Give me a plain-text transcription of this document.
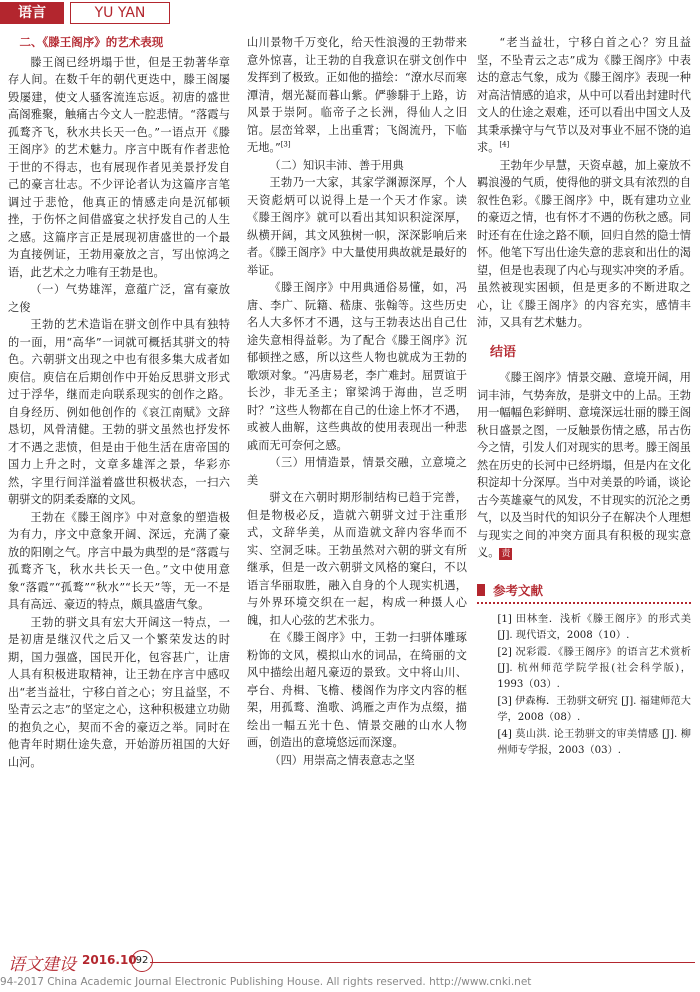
语言	YU YAN
二、《滕王阁序》的艺术表现

滕王阁已经坍塌于世，但是王勃著华章存人间。在数千年的朝代更迭中，滕王阁屡毁屡建，使文人骚客流连忘返。初唐的盛世高阁雅聚，触痛古今文人一腔悲情。“落霞与孤鹜齐飞，秋水共长天一色。”一语点开《滕王阁序》的艺术魅力。序言中既有作者悲怆于世的不得志，也有展现作者见美景抒发自己的豪言壮志。不少评论者认为这篇序言笔调过于悲怆，他真正的情感走向是沉郁顿挫，于伤怀之间借盛宴之状抒发自己的人生之感。这篇序言正是展现初唐盛世的一个最为直接例证，王勃用豪放之言，写出惊鸿之语，此艺术之力唯有王勃是也。

（一）气势雄浑，意蕴广泛，富有豪放之俊

王勃的艺术造诣在骈文创作中具有独特的一面，用“高华”一词就可概括其骈文的特色。六朝骈文出现之中也有很多集大成者如庾信。庾信在后期创作中开始反思骈文形式过于浮华，继而走向联系现实的创作之路。自身经历、例如他创作的《哀江南赋》文辞恳切，风骨清健。王勃的骈文虽然也抒发怀才不遇之悲愤，但是由于他生活在唐帝国的国力上升之时，文章多雄浑之景，华彩亦然，字里行间洋溢着盛世积极状态，一扫六朝骈文的阴柔委靡的文风。

王勃在《滕王阁序》中对意象的塑造极为有力，序文中意象开阔、深远，充满了豪放的阳刚之气。序言中最为典型的是“落霞与孤鹜齐飞，秋水共长天一色。”文中使用意象“落霞”“孤鹜”“秋水”“长天”等，无一不是具有高远、豪迈的特点，颇具盛唐气象。

王勃的骈文具有宏大开阔这一特点，一是初唐是继汉代之后又一个繁荣发达的时期，国力强盛，国民开化，包容甚广，让唐人具有积极进取精神，让王勃在序言中感叹出“老当益壮，宁移白首之心；穷且益坚，不坠青云之志”的坚定之心，这种积极建立功勋的抱负之心，契而不舍的豪迈之举。同时在他青年时期仕途失意，开始游历祖国的大好山河。

山川景物千万变化，给天性浪漫的王勃带来意外惊喜，让王勃的自我意识在骈文创作中发挥到了极致。正如他的描绘：“潦水尽而寒潭清，烟光凝而暮山紫。俨骖騑于上路，访风景于崇阿。临帝子之长洲，得仙人之旧馆。层峦耸翠，上出重霄；飞阁流丹，下临无地。”[3]

（二）知识丰沛、善于用典

王勃乃一大家，其家学渊源深厚，个人天资彪炳可以说得上是一个天才作家。读《滕王阁序》就可以看出其知识积淀深厚，纵横开阔，其文风独树一帜，深深影响后来者。《滕王阁序》中大量使用典故就是最好的举证。

《滕王阁序》中用典通俗易懂，如，冯唐、李广、阮籍、嵇康、张翰等。这些历史名人大多怀才不遇，这与王勃表达出自己仕途失意相得益彰。为了配合《滕王阁序》沉郁顿挫之感，所以这些人物也就成为王勃的歌颂对象。“冯唐易老，李广难封。屈贾谊于长沙，非无圣主；窜梁鸿于海曲，岂乏明时？”这些人物都在自己的仕途上怀才不遇，或被人曲解，这些典故的使用表现出一种悲戚而无可奈何之感。

（三）用情造景，情景交融，立意境之美

骈文在六朝时期形制结构已趋于完善，但是物极必反，造就六朝骈文过于注重形式，文辞华美，从而造就文辞内容华而不实、空洞乏味。王勃虽然对六朝的骈文有所继承，但是一改六朝骈文风格的窠臼，不以语言华丽取胜，融入自身的个人现实机遇，与外界环境交织在一起，构成一种摄人心魄，扣人心弦的艺术张力。

在《滕王阁序》中，王勃一扫骈体雕琢粉饰的文风，模拟山水的词品，在绮丽的文风中描绘出超凡豪迈的景致。文中将山川、亭台、舟楫、飞檐、楼阁作为序文内容的框架，用孤鹜、渔歌、鸿雁之声作为点缀，描绘出一幅五光十色、情景交融的山水人物画，创造出的意境悠远而深邃。

（四）用崇高之情表意志之坚

“老当益壮，宁移白首之心？穷且益坚，不坠青云之志”成为《滕王阁序》中表达的意志气象，成为《滕王阁序》表现一种对高洁情感的追求，从中可以看出封建时代文人的仕途之艰难，还可以看出中国文人及其秉承操守与气节以及对事业不屈不饶的追求。[4]

王勃年少早慧，天资卓越，加上豪放不羁浪漫的气质，使得他的骈文具有浓烈的自叙性色彩。《滕王阁序》中，既有建功立业的豪迈之情，也有怀才不遇的伤秋之感。同时还有在仕途之路不顺，回归自然的隐士情怀。他笔下写出仕途失意的悲哀和出仕的渴望，但是也表现了内心与现实冲突的矛盾。虽然被现实困顿，但是更多的不断进取之心，让《滕王阁序》的内容充实，感情丰沛，又具有艺术魅力。

结语

《滕王阁序》情景交融、意境开阔，用词丰沛，气势奔放，是骈文中的上品。王勃用一幅幅色彩鲜明、意境深远壮丽的滕王阁秋日盛景之图，一反触景伤情之感，吊古伤今之情，引发人们对现实的思考。滕王阁虽然在历史的长河中已经坍塌，但是内在文化积淀却十分深厚。当中对美景的吟诵，谈论古今英雄豪气的风发，不甘现实的沉沦之勇气，以及当时代的知识分子在解决个人理想与现实之间的冲突方面具有积极的现实意义。 责

参考文献
[1] 田林奎．浅析《滕王阁序》的形式美 [J]. 现代语文，2008（10）.
[2] 况彩霞．《滕王阁序》的语言艺术赏析 [J]. 杭州师范学院学报(社会科学版)，1993（03）.
[3] 伊森梅．王勃骈文研究 [J]. 福建师范大学，2008（08）.
[4] 莫山洪. 论王勃骈文的审美情感 [J]. 柳州师专学报，2003（03）.
语文建设 2016.10
92
94-2017 China Academic Journal Electronic Publishing House. All rights reserved. http://www.cnki.net
